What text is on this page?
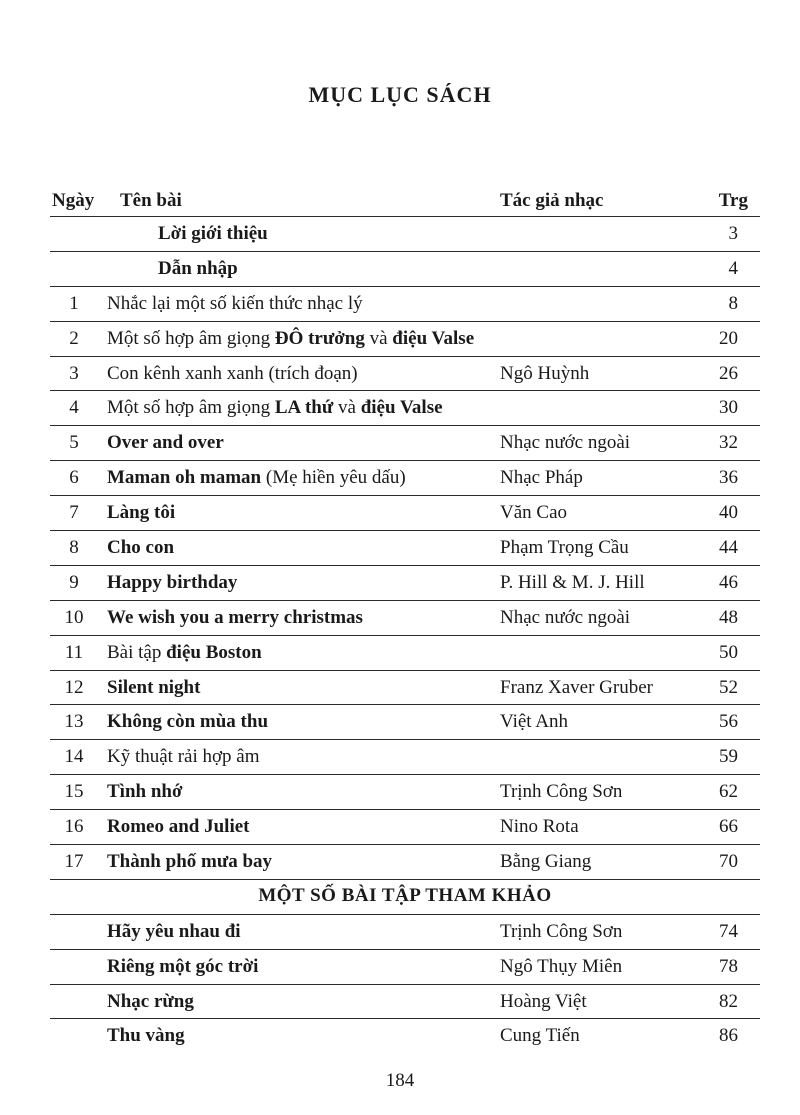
MỤC LỤC SÁCH
Ngày Tên bài	Tác giả nhạc	Trg
Lời giới thiệu	3
Dẫn nhập	4
1	Nhắc lại một số kiến thức nhạc lý	8
2	Một số hợp âm giọng ĐÔ trưởng và điệu Valse	20
3	Con kênh xanh xanh (trích đoạn)	Ngô Huỳnh	26
4	Một số hợp âm giọng LA thứ và điệu Valse	30
5	Over and over	Nhạc nước ngoài	32
6	Maman oh maman (Mẹ hiền yêu dấu)	Nhạc Pháp	36
7	Làng tôi	Văn Cao	40
8	Cho con	Phạm Trọng Cầu	44
9	Happy birthday	P. Hill & M. J. Hill	46
10	We wish you a merry christmas	Nhạc nước ngoài	48
11	Bài tập điệu Boston	50
12	Silent night	Franz Xaver Gruber	52
13	Không còn mùa thu	Việt Anh	56
14	Kỹ thuật rải hợp âm	59
15	Tình nhớ	Trịnh Công Sơn	62
16	Romeo and Juliet	Nino Rota	66
17	Thành phố mưa bay	Bằng Giang	70
MỘT SỐ BÀI TẬP THAM KHẢO
Hãy yêu nhau đi	Trịnh Công Sơn	74
Riêng một góc trời	Ngô Thụy Miên	78
Nhạc rừng	Hoàng Việt	82
Thu vàng	Cung Tiến	86
184
